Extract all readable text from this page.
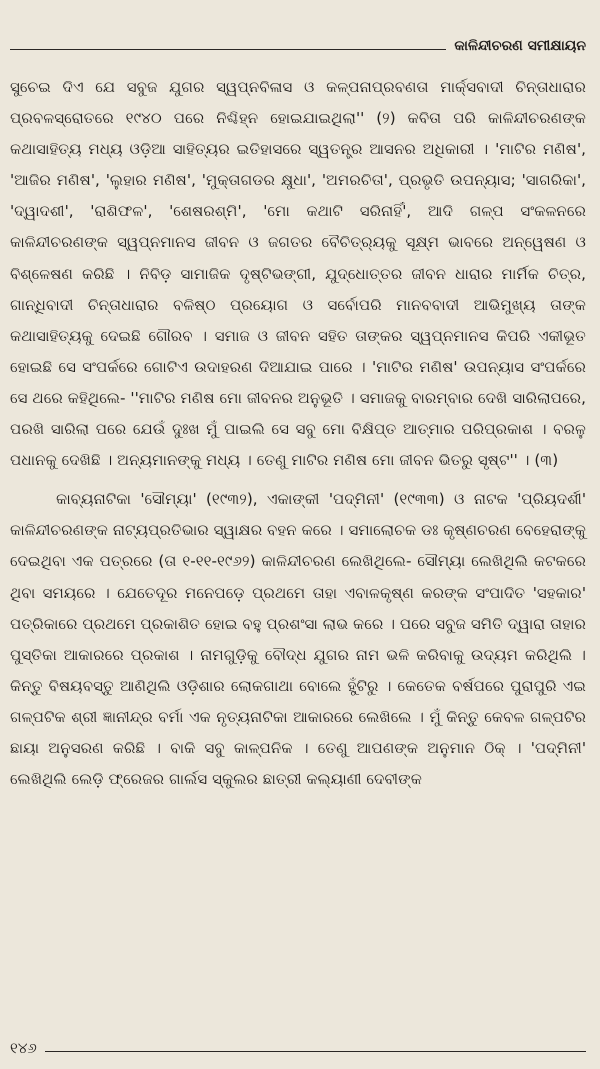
କାଳିନ୍ଦୀଚରଣ ସମୀକ୍ଷାୟନ

ସୁଚେଇ ଦିଏ ଯେ ସବୁଜ ଯୁଗର ସ୍ୱପ୍ନବିଳାସ ଓ କଳ୍ପନାପ୍ରବଣତା ମାର୍କ୍ସବାଦୀ ଚିନ୍ତାଧାରାର ପ୍ରବଳସ୍ରୋତରେ ୧୯୪୦ ପରେ ନିଶ୍ଚିହ୍ନ ହୋଇଯାଇଥିଲା'' (୨) କବିତା ପରି କାଳିନ୍ଦୀଚରଣଙ୍କ କଥାସାହିତ୍ୟ ମଧ୍ୟ ଓଡ଼ିଆ ସାହିତ୍ୟର ଇତିହାସରେ ସ୍ୱତନ୍ତ୍ର ଆସନର ଅଧିକାରୀ । 'ମାଟିର ମଣିଷ', 'ଆଜିର ମଣିଷ', 'ଲୁହାର ମଣିଷ', 'ମୁକ୍ତାଗଡର କ୍ଷୁଧା', 'ଅମରଚିତା', ପ୍ରଭୃତି ଉପନ୍ୟାସ; 'ସାଗରିକା', 'ଦ୍ୱାଦଶୀ', 'ରାଶିଫଳ', 'ଶେଷରଶ୍ମି', 'ମୋ କଥାଟି ସରିନାହିଁ', ଆଦି ଗଳ୍ପ ସଂକଳନରେ କାଳିନ୍ଦୀଚରଣଙ୍କ ସ୍ୱପ୍ନମାନସ ଜୀବନ ଓ ଜଗତର ବୈଚିତ୍ର୍ୟକୁ ସୂକ୍ଷ୍ମ ଭାବରେ ଅନ୍ୱେଷଣ ଓ ବିଶ୍ଳେଷଣ କରିଛି । ନିବିଡ଼ ସାମାଜିକ ଦୃଷ୍ଟିଭଙ୍ଗୀ, ଯୁଦ୍ଧୋତ୍ତର ଜୀବନ ଧାରାର ମାର୍ମିକ ଚିତ୍ର, ଗାନ୍ଧିବାଦୀ ଚିନ୍ତାଧାରାର ବଳିଷ୍ଠ ପ୍ରୟୋଗ ଓ ସର୍ବୋପରି ମାନବବାଦୀ ଆଭିମୁଖ୍ୟ ତାଙ୍କ କଥାସାହିତ୍ୟକୁ ଦେଇଛି ଗୌରବ । ସମାଜ ଓ ଜୀବନ ସହିତ ତାଙ୍କର ସ୍ୱପ୍ନମାନସ କିପରି ଏକୀଭୂତ ହୋଇଛି ସେ ସଂପର୍କରେ ଗୋଟିଏ ଉଦାହରଣ ଦିଆଯାଇ ପାରେ । 'ମାଟିର ମଣିଷ' ଉପନ୍ୟାସ ସଂପର୍କରେ ସେ ଥରେ କହିଥିଲେ- ''ମାଟିର ମଣିଷ ମୋ ଜୀବନର ଅନୁଭୂତି । ସମାଜକୁ ବାରମ୍ବାର ଦେଖି ସାରିଲାପରେ, ପରଖି ସାରିଲା ପରେ ଯେଉଁ ଦୁଃଖ ମୁଁ ପାଇଲି ସେ ସବୁ ମୋ ବିକ୍ଷିପ୍ତ ଆତ୍ମାର ପରିପ୍ରକାଶ । ବରଳୁ ପଧାନକୁ ଦେଖିଛି । ଅନ୍ୟମାନଙ୍କୁ ମଧ୍ୟ । ତେଣୁ ମାଟିର ମଣିଷ ମୋ ଜୀବନ ଭିତରୁ ସୃଷ୍ଟ'' । (୩)

କାବ୍ୟନାଟିକା 'ସୌମ୍ୟା' (୧୯୩୨), ଏକାଙ୍କୀ 'ପଦ୍ମିନୀ' (୧୯୩୩) ଓ ନାଟକ 'ପ୍ରିୟଦର୍ଶୀ' କାଳିନ୍ଦୀଚରଣଙ୍କ ନାଟ୍ୟପ୍ରତିଭାର ସ୍ୱାକ୍ଷର ବହନ କରେ । ସମାଲୋଚକ ଡଃ କୃଷ୍ଣଚରଣ ବେହେରାଙ୍କୁ ଦେଇଥିବା ଏକ ପତ୍ରରେ (ତା ୧-୧୧-୧୯୬୨) କାଳିନ୍ଦୀଚରଣ ଲେଖିଥିଲେ- ସୌମ୍ୟା ଲେଖିଥିଲି କଟକରେ ଥିବା ସମୟରେ । ଯେତେଦୂର ମନେପଡ଼େ ପ୍ରଥମେ ତାହା ଏବାଳକୃଷ୍ଣ କରଙ୍କ ସଂପାଦିତ 'ସହକାର' ପତ୍ରିକାରେ ପ୍ରଥମେ ପ୍ରକାଶିତ ହୋଇ ବହୁ ପ୍ରଶଂସା ଲାଭ କରେ । ପରେ ସବୁଜ ସମିତି ଦ୍ୱାରା ତାହାର ପୁସ୍ତିକା ଆକାରରେ ପ୍ରକାଶ । ନାମଗୁଡ଼ିକୁ ବୌଦ୍ଧ ଯୁଗର ନାମ ଭଳି କରିବାକୁ ଉଦ୍ୟମ କରିଥିଲି । କିନ୍ତୁ ବିଷୟବସ୍ତୁ ଆଣିଥିଲି ଓଡ଼ିଶାର ଲୋକଗାଥା ବୋଲେ ହୁଁଟିରୁ । କେତେକ ବର୍ଷପରେ ପୁରାପୁରି ଏଇ ଗଳ୍ପଟିକ ଶ୍ରୀ ଜ୍ଞାନୀନ୍ଦ୍ର ବର୍ମା ଏକ ନୃତ୍ୟନାଟିକା ଆକାରରେ ଲେଖିଲେ । ମୁଁ କିନ୍ତୁ କେବଳ ଗଳ୍ପଟିର ଛାୟା ଅନୁସରଣ କରିଛି । ବାକି ସବୁ କାଳ୍ପନିକ । ତେଣୁ ଆପଣଙ୍କ ଅନୁମାନ ଠିକ୍ । 'ପଦ୍ମିନୀ' ଲେଖିଥିଲି ଲେଡ଼ି ଫ୍ରେଜର ଗାର୍ଲସ ସ୍କୁଲର ଛାତ୍ରୀ କଲ୍ୟାଣୀ ଦେବୀଙ୍କ

୧୪୬
